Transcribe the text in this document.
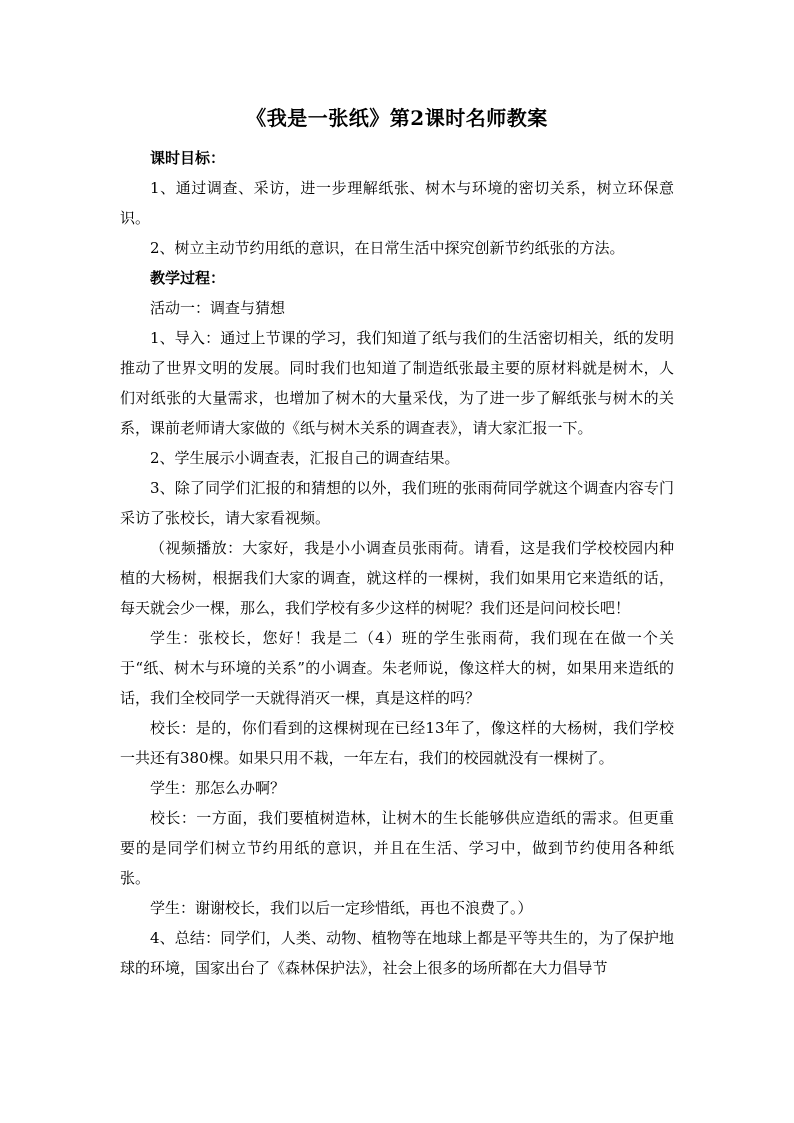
《我是一张纸》第2课时名师教案

课时目标：

1、通过调查、采访，进一步理解纸张、树木与环境的密切关系，树立环保意识。

2、树立主动节约用纸的意识，在日常生活中探究创新节约纸张的方法。

教学过程：

活动一：调查与猜想

1、导入：通过上节课的学习，我们知道了纸与我们的生活密切相关，纸的发明推动了世界文明的发展。同时我们也知道了制造纸张最主要的原材料就是树木，人们对纸张的大量需求，也增加了树木的大量采伐，为了进一步了解纸张与树木的关系，课前老师请大家做的《纸与树木关系的调查表》，请大家汇报一下。

2、学生展示小调查表，汇报自己的调查结果。

3、除了同学们汇报的和猜想的以外，我们班的张雨荷同学就这个调查内容专门采访了张校长，请大家看视频。

（视频播放：大家好，我是小小调查员张雨荷。请看，这是我们学校校园内种植的大杨树，根据我们大家的调查，就这样的一棵树，我们如果用它来造纸的话，每天就会少一棵，那么，我们学校有多少这样的树呢？我们还是问问校长吧！

学生：张校长，您好！我是二（4）班的学生张雨荷，我们现在在做一个关于“纸、树木与环境的关系”的小调查。朱老师说，像这样大的树，如果用来造纸的话，我们全校同学一天就得消灭一棵，真是这样的吗？

校长：是的，你们看到的这棵树现在已经13年了，像这样的大杨树，我们学校一共还有380棵。如果只用不栽，一年左右，我们的校园就没有一棵树了。

学生：那怎么办啊？

校长：一方面，我们要植树造林，让树木的生长能够供应造纸的需求。但更重要的是同学们树立节约用纸的意识，并且在生活、学习中，做到节约使用各种纸张。

学生：谢谢校长，我们以后一定珍惜纸，再也不浪费了。）

4、总结：同学们，人类、动物、植物等在地球上都是平等共生的，为了保护地球的环境，国家出台了《森林保护法》，社会上很多的场所都在大力倡导节
